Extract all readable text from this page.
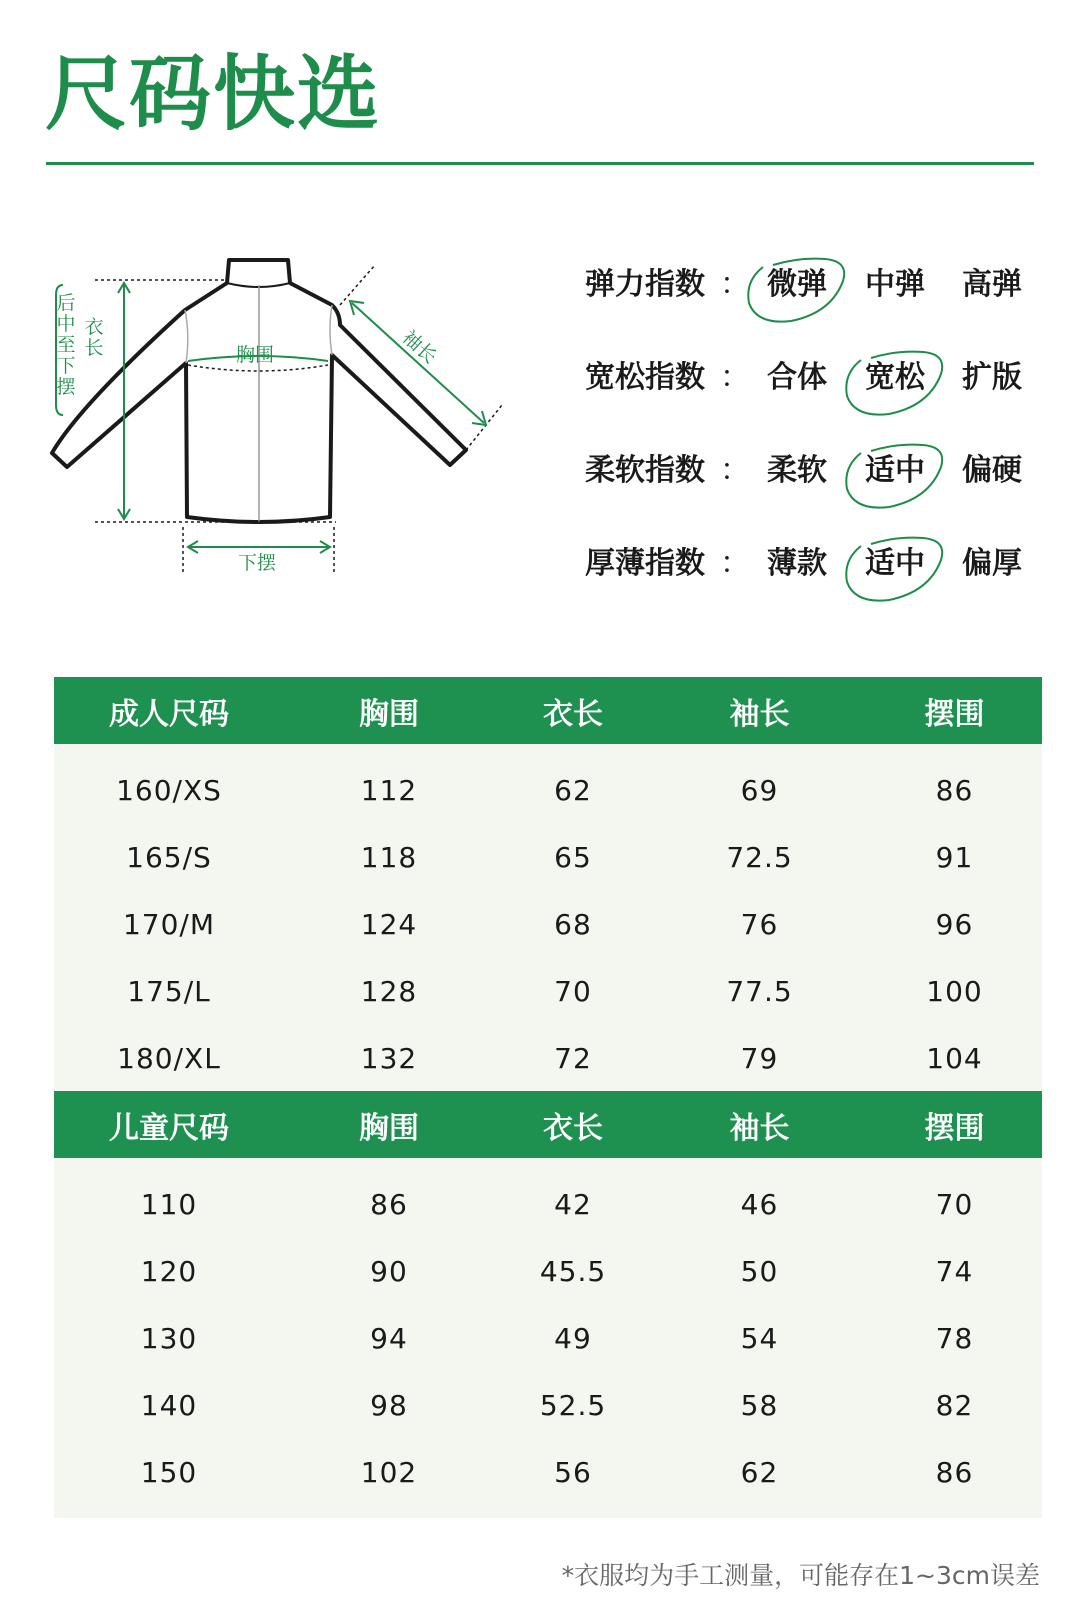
尺码快选
后中至下摆
衣长	胸围	袖长
下摆
弹力指数 ： 微弹	中弹	高弹
宽松指数 ： 合体	宽松	扩版
柔软指数 ： 柔软	适中	偏硬
厚薄指数 ： 薄款	适中	偏厚
成人尺码	胸围	衣长	袖长	摆围
160/XS	112	62	69	86
165/S	118	65	72.5	91
170/M	124	68	76	96
175/L	128	70	77.5	100
180/XL	132	72	79	104
儿童尺码	胸围	衣长	袖长	摆围
110	86	42	46	70
120	90	45.5	50	74
130	94	49	54	78
140	98	52.5	58	82
150	102	56	62	86
*衣服均为手工测量，可能存在1~3cm误差
